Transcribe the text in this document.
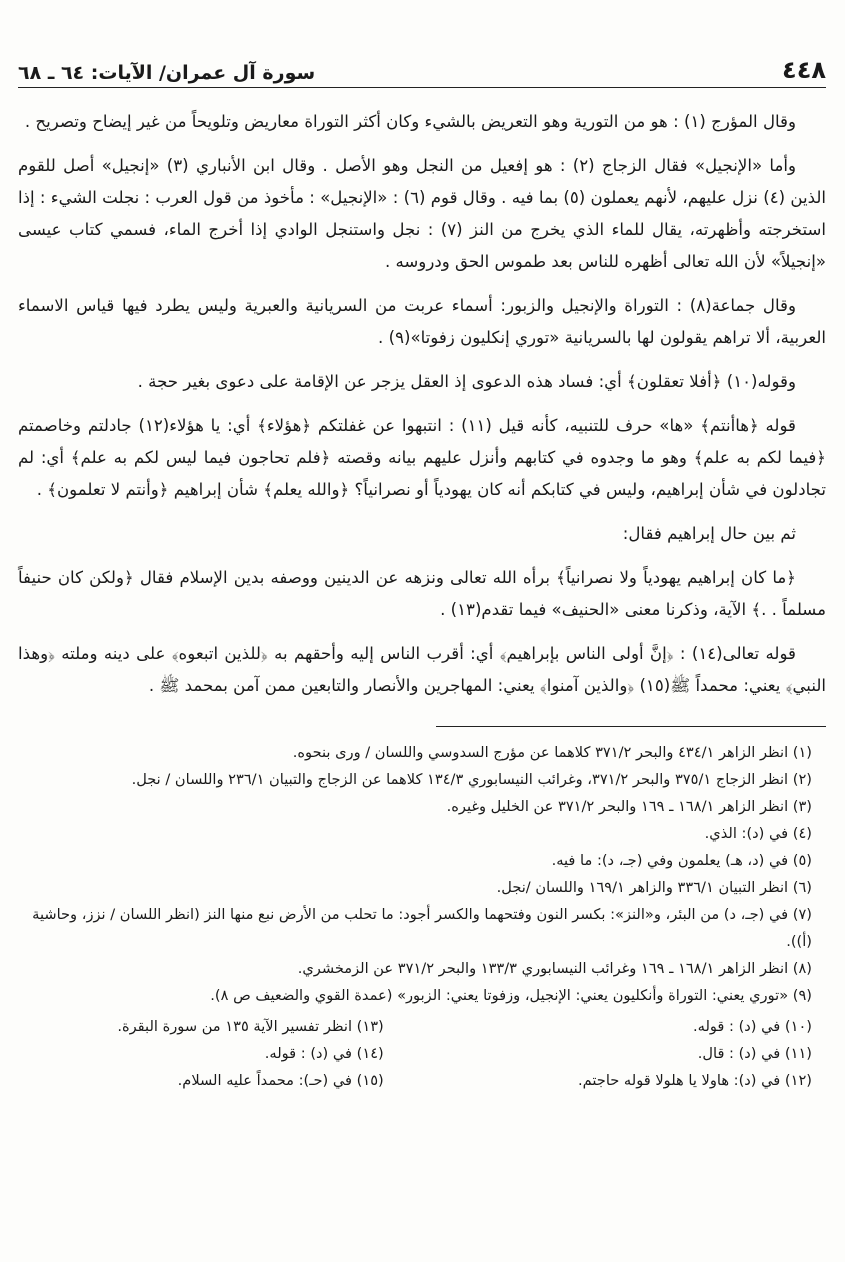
٤٤٨
سورة آل عمران/ الآيات: ٦٤ ـ ٦٨

وقال المؤرج (١) : هو من التورية وهو التعريض بالشيء وكان أكثر التوراة معاريض وتلويحاً من غير إيضاح وتصريح .

وأما «الإنجيل» فقال الزجاج (٢) : هو إفعيل من النجل وهو الأصل . وقال ابن الأنباري (٣) «إنجيل» أصل للقوم الذين (٤) نزل عليهم، لأنهم يعملون (٥) بما فيه . وقال قوم (٦) : «الإنجيل» : مأخوذ من قول العرب : نجلت الشيء : إذا استخرجته وأظهرته، يقال للماء الذي يخرج من النز (٧) : نجل واستنجل الوادي إذا أخرج الماء، فسمي كتاب عيسى «إنجيلاً» لأن الله تعالى أظهره للناس بعد طموس الحق ودروسه .

وقال جماعة(٨) : التوراة والإنجيل والزبور: أسماء عربت من السريانية والعبرية وليس يطرد فيها قياس الاسماء العربية، ألا تراهم يقولون لها بالسريانية «توري إنكليون زفوتا»(٩) .

وقوله(١٠) ﴿أفلا تعقلون﴾ أي: فساد هذه الدعوى إذ العقل يزجر عن الإقامة على دعوى بغير حجة .

قوله ﴿هاأنتم﴾ «ها» حرف للتنبيه، كأنه قيل (١١) : انتبهوا عن غفلتكم ﴿هؤلاء﴾ أي: يا هؤلاء(١٢) جادلتم وخاصمتم ﴿فيما لكم به علم﴾ وهو ما وجدوه في كتابهم وأنزل عليهم بيانه وقصته ﴿فلم تحاجون فيما ليس لكم به علم﴾ أي: لم تجادلون في شأن إبراهيم، وليس في كتابكم أنه كان يهودياً أو نصرانياً؟ ﴿والله يعلم﴾ شأن إبراهيم ﴿وأنتم لا تعلمون﴾ .

ثم بين حال إبراهيم فقال:

﴿ما كان إبراهيم يهودياً ولا نصرانياً﴾ برأه الله تعالى ونزهه عن الدينين ووصفه بدين الإسلام فقال ﴿ولكن كان حنيفاً مسلماً . .﴾ الآية، وذكرنا معنى «الحنيف» فيما تقدم(١٣) .

قوله تعالى(١٤) : ﴿إنَّ أولى الناس بإبراهيم﴾ أي: أقرب الناس إليه وأحقهم به ﴿للذين اتبعوه﴾ على دينه وملته ﴿وهذا النبي﴾ يعني: محمداً ﷺ(١٥) ﴿والذين آمنوا﴾ يعني: المهاجرين والأنصار والتابعين ممن آمن بمحمد ﷺ .

(١) انظر الزاهر ٤٣٤/١ والبحر ٣٧١/٢ كلاهما عن مؤرج السدوسي واللسان / ورى بنحوه.
(٢) انظر الزجاج ٣٧٥/١ والبحر ٣٧١/٢، وغرائب النيسابوري ١٣٤/٣ كلاهما عن الزجاج والتبيان ٢٣٦/١ واللسان / نجل.
(٣) انظر الزاهر ١٦٨/١ ـ ١٦٩ والبحر ٣٧١/٢ عن الخليل وغيره.
(٤) في (د): الذي.
(٥) في (د، هـ) يعلمون وفي (جـ، د): ما فيه.
(٦) انظر التبيان ٣٣٦/١ والزاهر ١٦٩/١ واللسان /نجل.
(٧) في (جـ، د) من البئر، و«النز»: بكسر النون وفتحهما والكسر أجود: ما تحلب من الأرض نبع منها النز (انظر اللسان / نزز، وحاشية (أ)).
(٨) انظر الزاهر ١٦٨/١ ـ ١٦٩ وغرائب النيسابوري ١٣٣/٣ والبحر ٣٧١/٢ عن الزمخشري.
(٩) «توري يعني: التوراة وأنكليون يعني: الإنجيل، وزفوتا يعني: الزبور» (عمدة القوي والضعيف ص ٨).
(١٠) في (د) : قوله.
(١١) في (د) : قال.
(١٢) في (د): هاولا يا هلولا قوله حاجتم.
(١٣) انظر تفسير الآية ١٣٥ من سورة البقرة.
(١٤) في (د) : قوله.
(١٥) في (حـ): محمداً عليه السلام.
